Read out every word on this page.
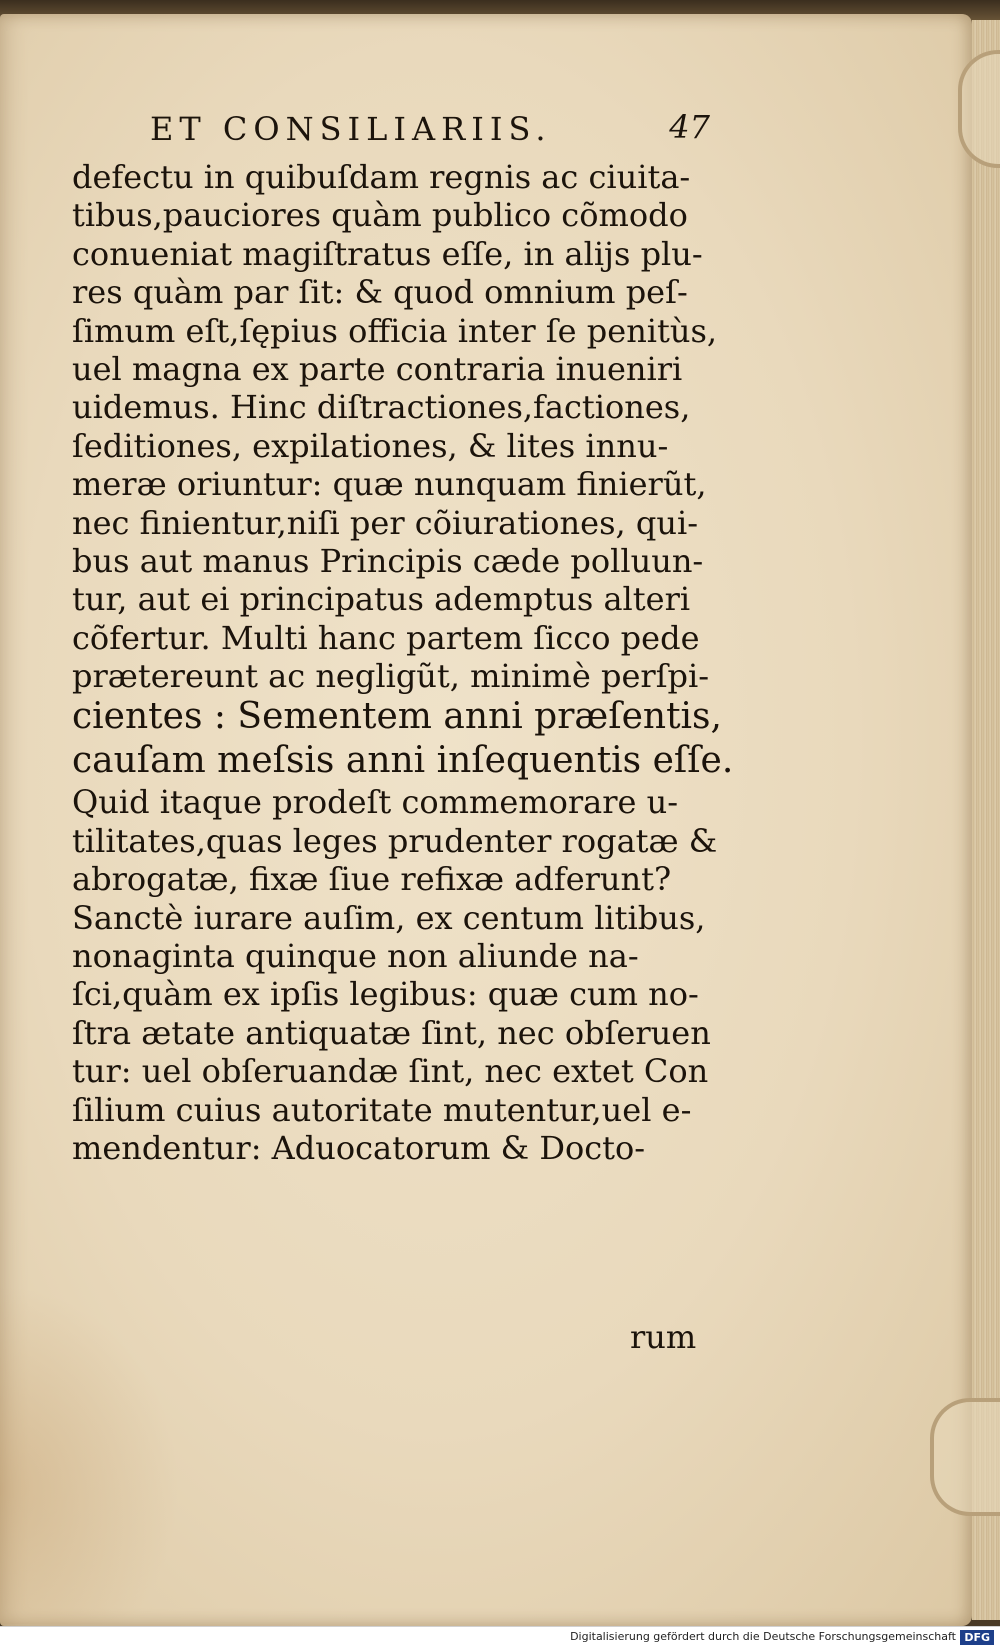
ET CONSILIARIIS.	47
defectu in quibuſdam regnis ac ciuita-
tibus,pauciores quàm publico cõmodo
conueniat magiſtratus eſſe, in alijs plu-
res quàm par ſit: & quod omnium peſ-
ſimum eſt,ſępius officia inter ſe penitùs,
uel magna ex parte contraria inueniri
uidemus. Hinc diſtractiones,factiones,
ſeditiones, expilationes, & lites innu-
meræ oriuntur: quæ nunquam finierũt,
nec finientur,niſi per cõiurationes, qui-
bus aut manus Principis cæde polluun-
tur, aut ei principatus ademptus alteri
cõfertur. Multi hanc partem ſicco pede
prætereunt ac negligũt, minimè perſpi-
cientes : Sementem anni præſentis,
cauſam meſsis anni inſequentis eſſe.
Quid itaque prodeſt commemorare u-
tilitates,quas leges prudenter rogatæ &
abrogatæ, fixæ ſiue refixæ adferunt?
Sanctè iurare auſim, ex centum litibus,
nonaginta quinque non aliunde na-
ſci,quàm ex ipſis legibus: quæ cum no-
ſtra ætate antiquatæ ſint, nec obſeruen
tur: uel obſeruandæ ſint, nec extet Con
ſilium cuius autoritate mutentur,uel e-
mendentur: Aduocatorum & Docto-
rum
Digitalisierung gefördert durch die Deutsche Forschungsgemeinschaft DFG
